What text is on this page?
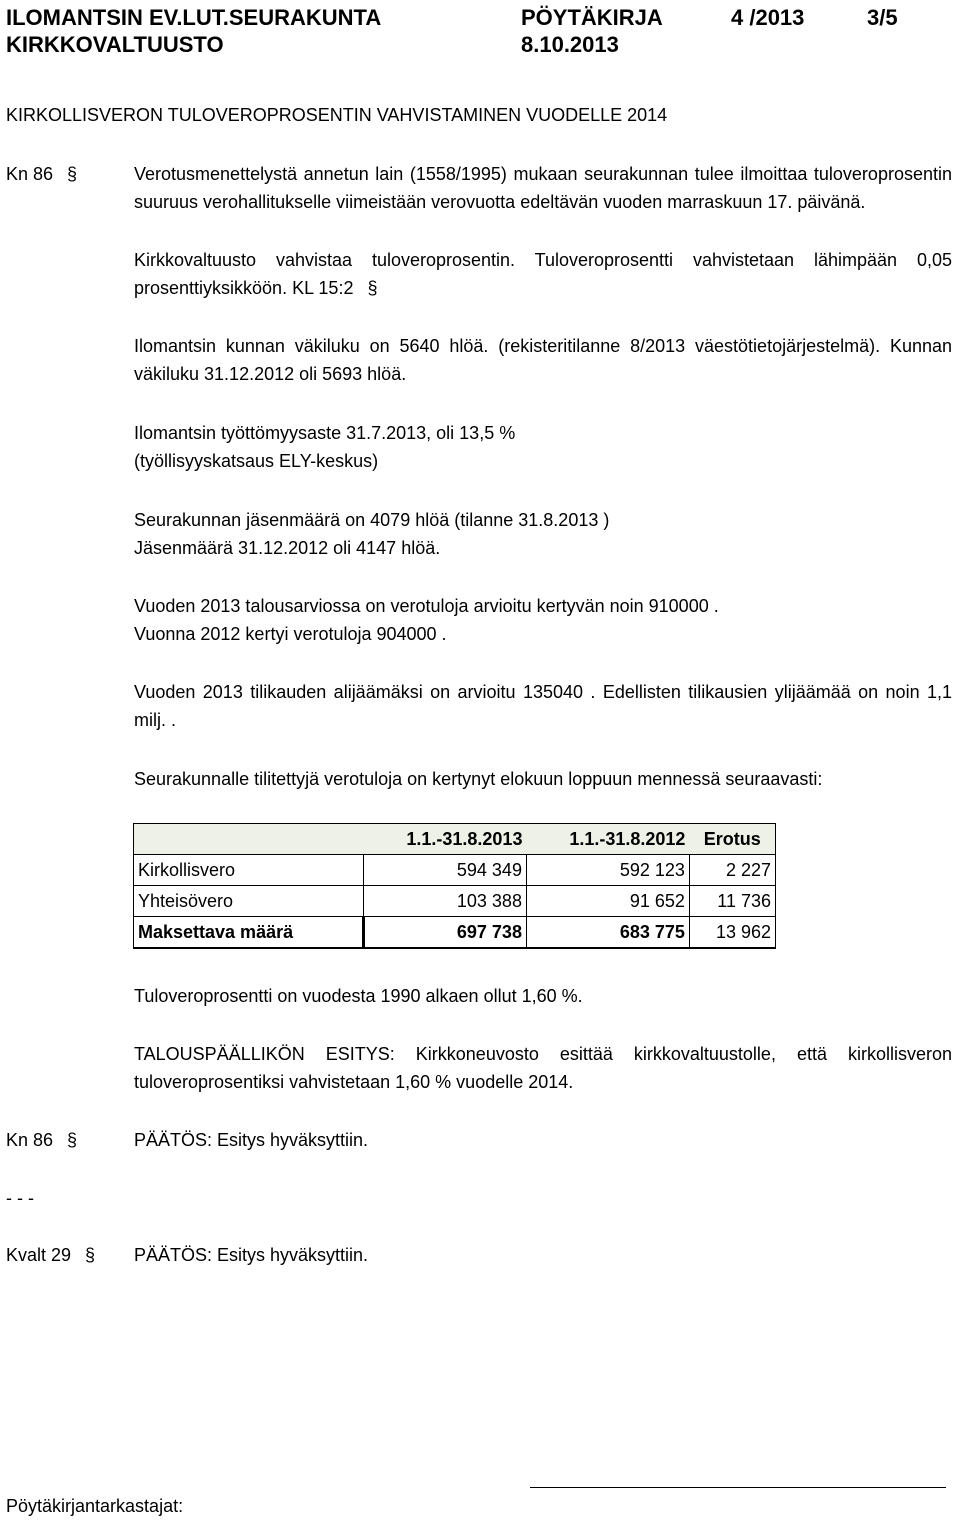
ILOMANTSIN EV.LUT.SEURAKUNTA	PÖYTÄKIRJA	4 /2013	3/5
KIRKKOVALTUUSTO	8.10.2013
KIRKOLLISVERON TULOVEROPROSENTIN VAHVISTAMINEN VUODELLE 2014
Kn 86 §	Verotusmenettelystä annetun lain (1558/1995) mukaan seurakunnan tulee ilmoittaa tuloveroprosentin suuruus verohallitukselle viimeistään verovuotta edeltävän vuoden marraskuun 17. päivänä.
Kirkkovaltuusto vahvistaa tuloveroprosentin. Tuloveroprosentti vahvistetaan lähimpään 0,05 prosenttiyksikköön. KL 15:2 §
Ilomantsin kunnan väkiluku on 5640 hlöä. (rekisteritilanne 8/2013 väestötietojärjestelmä). Kunnan väkiluku 31.12.2012 oli 5693 hlöä.
Ilomantsin työttömyysaste 31.7.2013, oli 13,5 %
(työllisyyskatsaus ELY-keskus)
Seurakunnan jäsenmäärä on 4079 hlöä (tilanne 31.8.2013 )
Jäsenmäärä 31.12.2012 oli 4147 hlöä.
Vuoden 2013 talousarviossa on verotuloja arvioitu kertyvän noin 910000 .
Vuonna 2012 kertyi verotuloja 904000 .
Vuoden 2013 tilikauden alijäämäksi on arvioitu 135040 . Edellisten tilikausien ylijäämää on noin 1,1 milj. .
Seurakunnalle tilitettyjä verotuloja on kertynyt elokuun loppuun mennessä seuraavasti:
	1.1.-31.8.2013	1.1.-31.8.2012	Erotus
Kirkollisvero	594 349	592 123	2 227
Yhteisövero	103 388	91 652	11 736
Maksettava määrä	697 738	683 775	13 962
Tuloveroprosentti on vuodesta 1990 alkaen ollut 1,60 %.
TALOUSPÄÄLLIKÖN ESITYS: Kirkkoneuvosto esittää kirkkovaltuustolle, että kirkollisveron tuloveroprosentiksi vahvistetaan 1,60 % vuodelle 2014.
Kn 86 §	PÄÄTÖS: Esitys hyväksyttiin.
- - -
Kvalt 29 § PÄÄTÖS: Esitys hyväksyttiin.
Pöytäkirjantarkastajat:
